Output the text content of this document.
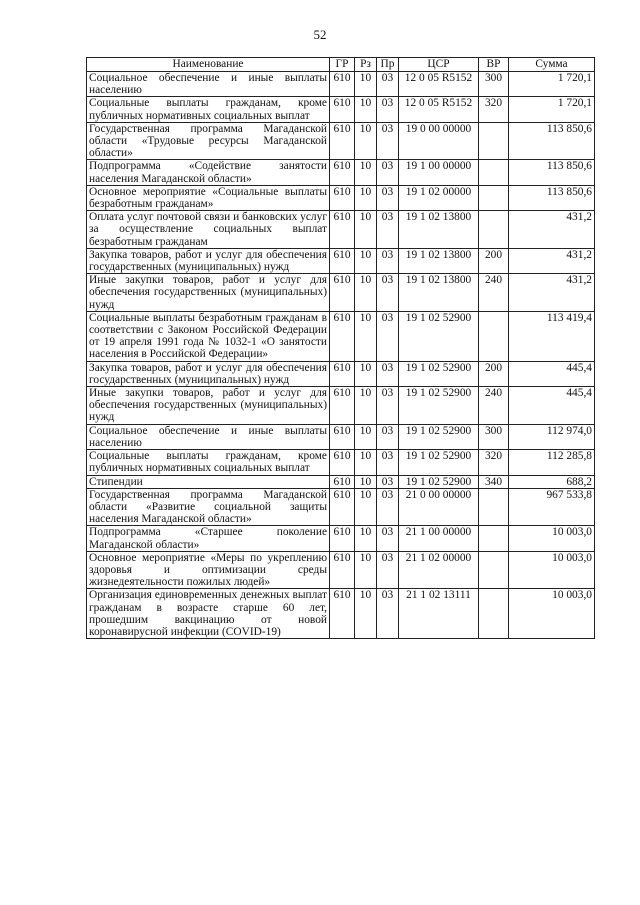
52
Наименование	ГР	Рз	Пр	ЦСР	ВР	Сумма
Социальное обеспечение и иные выплаты населению	610	10	03	12 0 05 R5152	300	1 720,1
Социальные выплаты гражданам, кроме публичных нормативных социальных выплат	610	10	03	12 0 05 R5152	320	1 720,1
Государственная программа Магаданской области «Трудовые ресурсы Магаданской области»	610	10	03	19 0 00 00000		113 850,6
Подпрограмма «Содействие занятости населения Магаданской области»	610	10	03	19 1 00 00000		113 850,6
Основное мероприятие «Социальные выплаты безработным гражданам»	610	10	03	19 1 02 00000		113 850,6
Оплата услуг почтовой связи и банковских услуг за осуществление социальных выплат безработным гражданам	610	10	03	19 1 02 13800		431,2
Закупка товаров, работ и услуг для обеспечения государственных (муниципальных) нужд	610	10	03	19 1 02 13800	200	431,2
Иные закупки товаров, работ и услуг для обеспечения государственных (муниципальных) нужд	610	10	03	19 1 02 13800	240	431,2
Социальные выплаты безработным гражданам в соответствии с Законом Российской Федерации от 19 апреля 1991 года № 1032-1 «О занятости населения в Российской Федерации»	610	10	03	19 1 02 52900		113 419,4
Закупка товаров, работ и услуг для обеспечения государственных (муниципальных) нужд	610	10	03	19 1 02 52900	200	445,4
Иные закупки товаров, работ и услуг для обеспечения государственных (муниципальных) нужд	610	10	03	19 1 02 52900	240	445,4
Социальное обеспечение и иные выплаты населению	610	10	03	19 1 02 52900	300	112 974,0
Социальные выплаты гражданам, кроме публичных нормативных социальных выплат	610	10	03	19 1 02 52900	320	112 285,8
Стипендии	610	10	03	19 1 02 52900	340	688,2
Государственная программа Магаданской области «Развитие социальной защиты населения Магаданской области»	610	10	03	21 0 00 00000		967 533,8
Подпрограмма «Старшее поколение Магаданской области»	610	10	03	21 1 00 00000		10 003,0
Основное мероприятие «Меры по укреплению здоровья и оптимизации среды жизнедеятельности пожилых людей»	610	10	03	21 1 02 00000		10 003,0
Организация единовременных денежных выплат гражданам в возрасте старше 60 лет, прошедшим вакцинацию от новой коронавирусной инфекции (COVID-19)	610	10	03	21 1 02 13111		10 003,0
